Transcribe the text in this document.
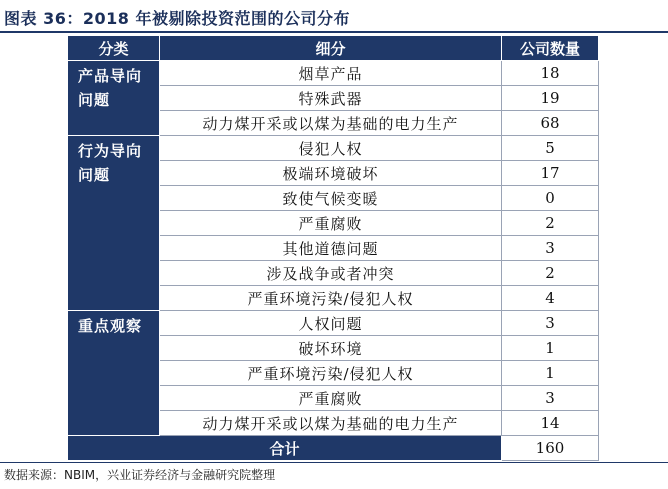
图表 36：2018 年被剔除投资范围的公司分布
分类	细分	公司数量
产品导向问题	烟草产品	18
	特殊武器	19
	动力煤开采或以煤为基础的电力生产	68
行为导向问题	侵犯人权	5
	极端环境破坏	17
	致使气候变暖	0
	严重腐败	2
	其他道德问题	3
	涉及战争或者冲突	2
	严重环境污染/侵犯人权	4
重点观察	人权问题	3
	破坏环境	1
	严重环境污染/侵犯人权	1
	严重腐败	3
	动力煤开采或以煤为基础的电力生产	14
合计		160
数据来源：NBIM，兴业证券经济与金融研究院整理
